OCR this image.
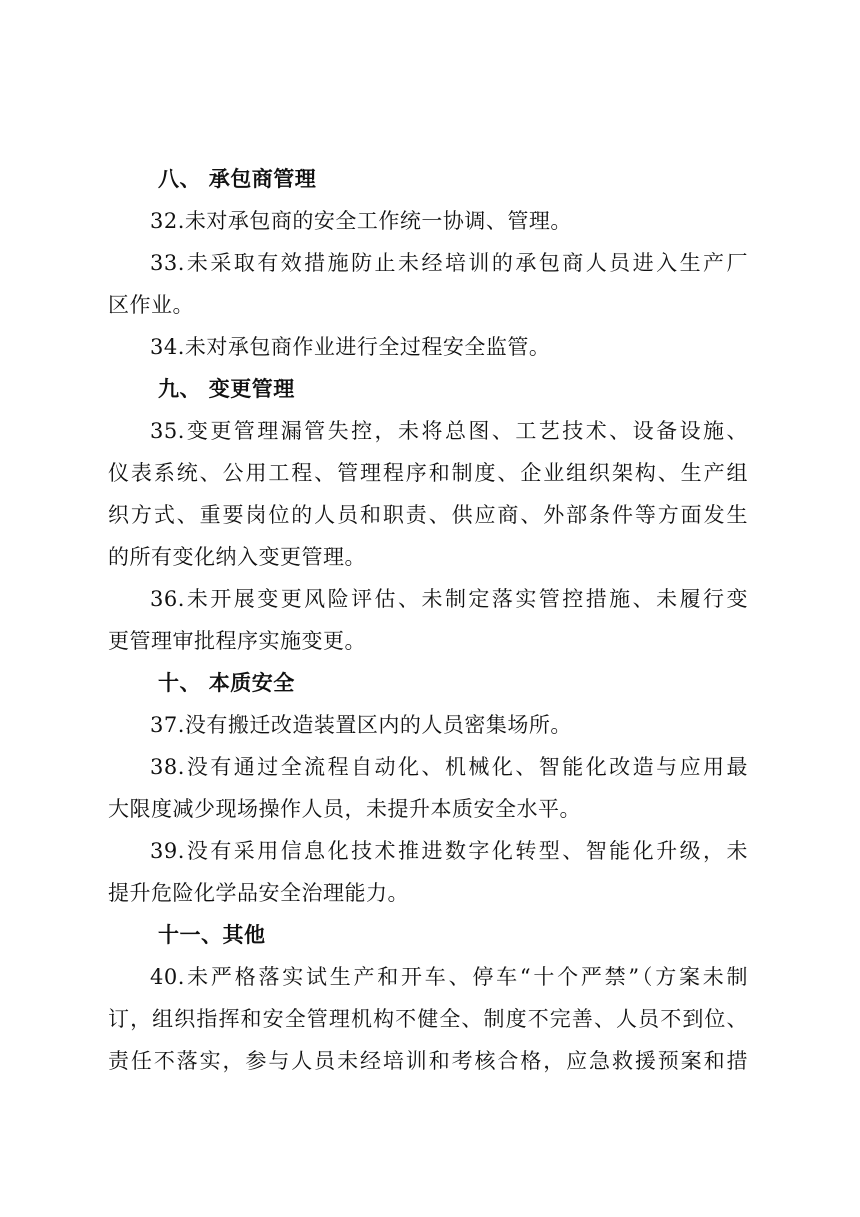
八、 承包商管理
32.未对承包商的安全工作统一协调、管理。
33.未采取有效措施防止未经培训的承包商人员进入生产厂
区作业。
34.未对承包商作业进行全过程安全监管。
九、 变更管理
35.变更管理漏管失控，未将总图、工艺技术、设备设施、
仪表系统、公用工程、管理程序和制度、企业组织架构、生产组
织方式、重要岗位的人员和职责、供应商、外部条件等方面发生
的所有变化纳入变更管理。
36.未开展变更风险评估、未制定落实管控措施、未履行变
更管理审批程序实施变更。
十、 本质安全
37.没有搬迁改造装置区内的人员密集场所。
38.没有通过全流程自动化、机械化、智能化改造与应用最
大限度减少现场操作人员，未提升本质安全水平。
39.没有采用信息化技术推进数字化转型、智能化升级，未
提升危险化学品安全治理能力。
十一、其他
40.未严格落实试生产和开车、停车“十个严禁”（方案未制
订，组织指挥和安全管理机构不健全、制度不完善、人员不到位、
责任不落实，参与人员未经培训和考核合格，应急救援预案和措
